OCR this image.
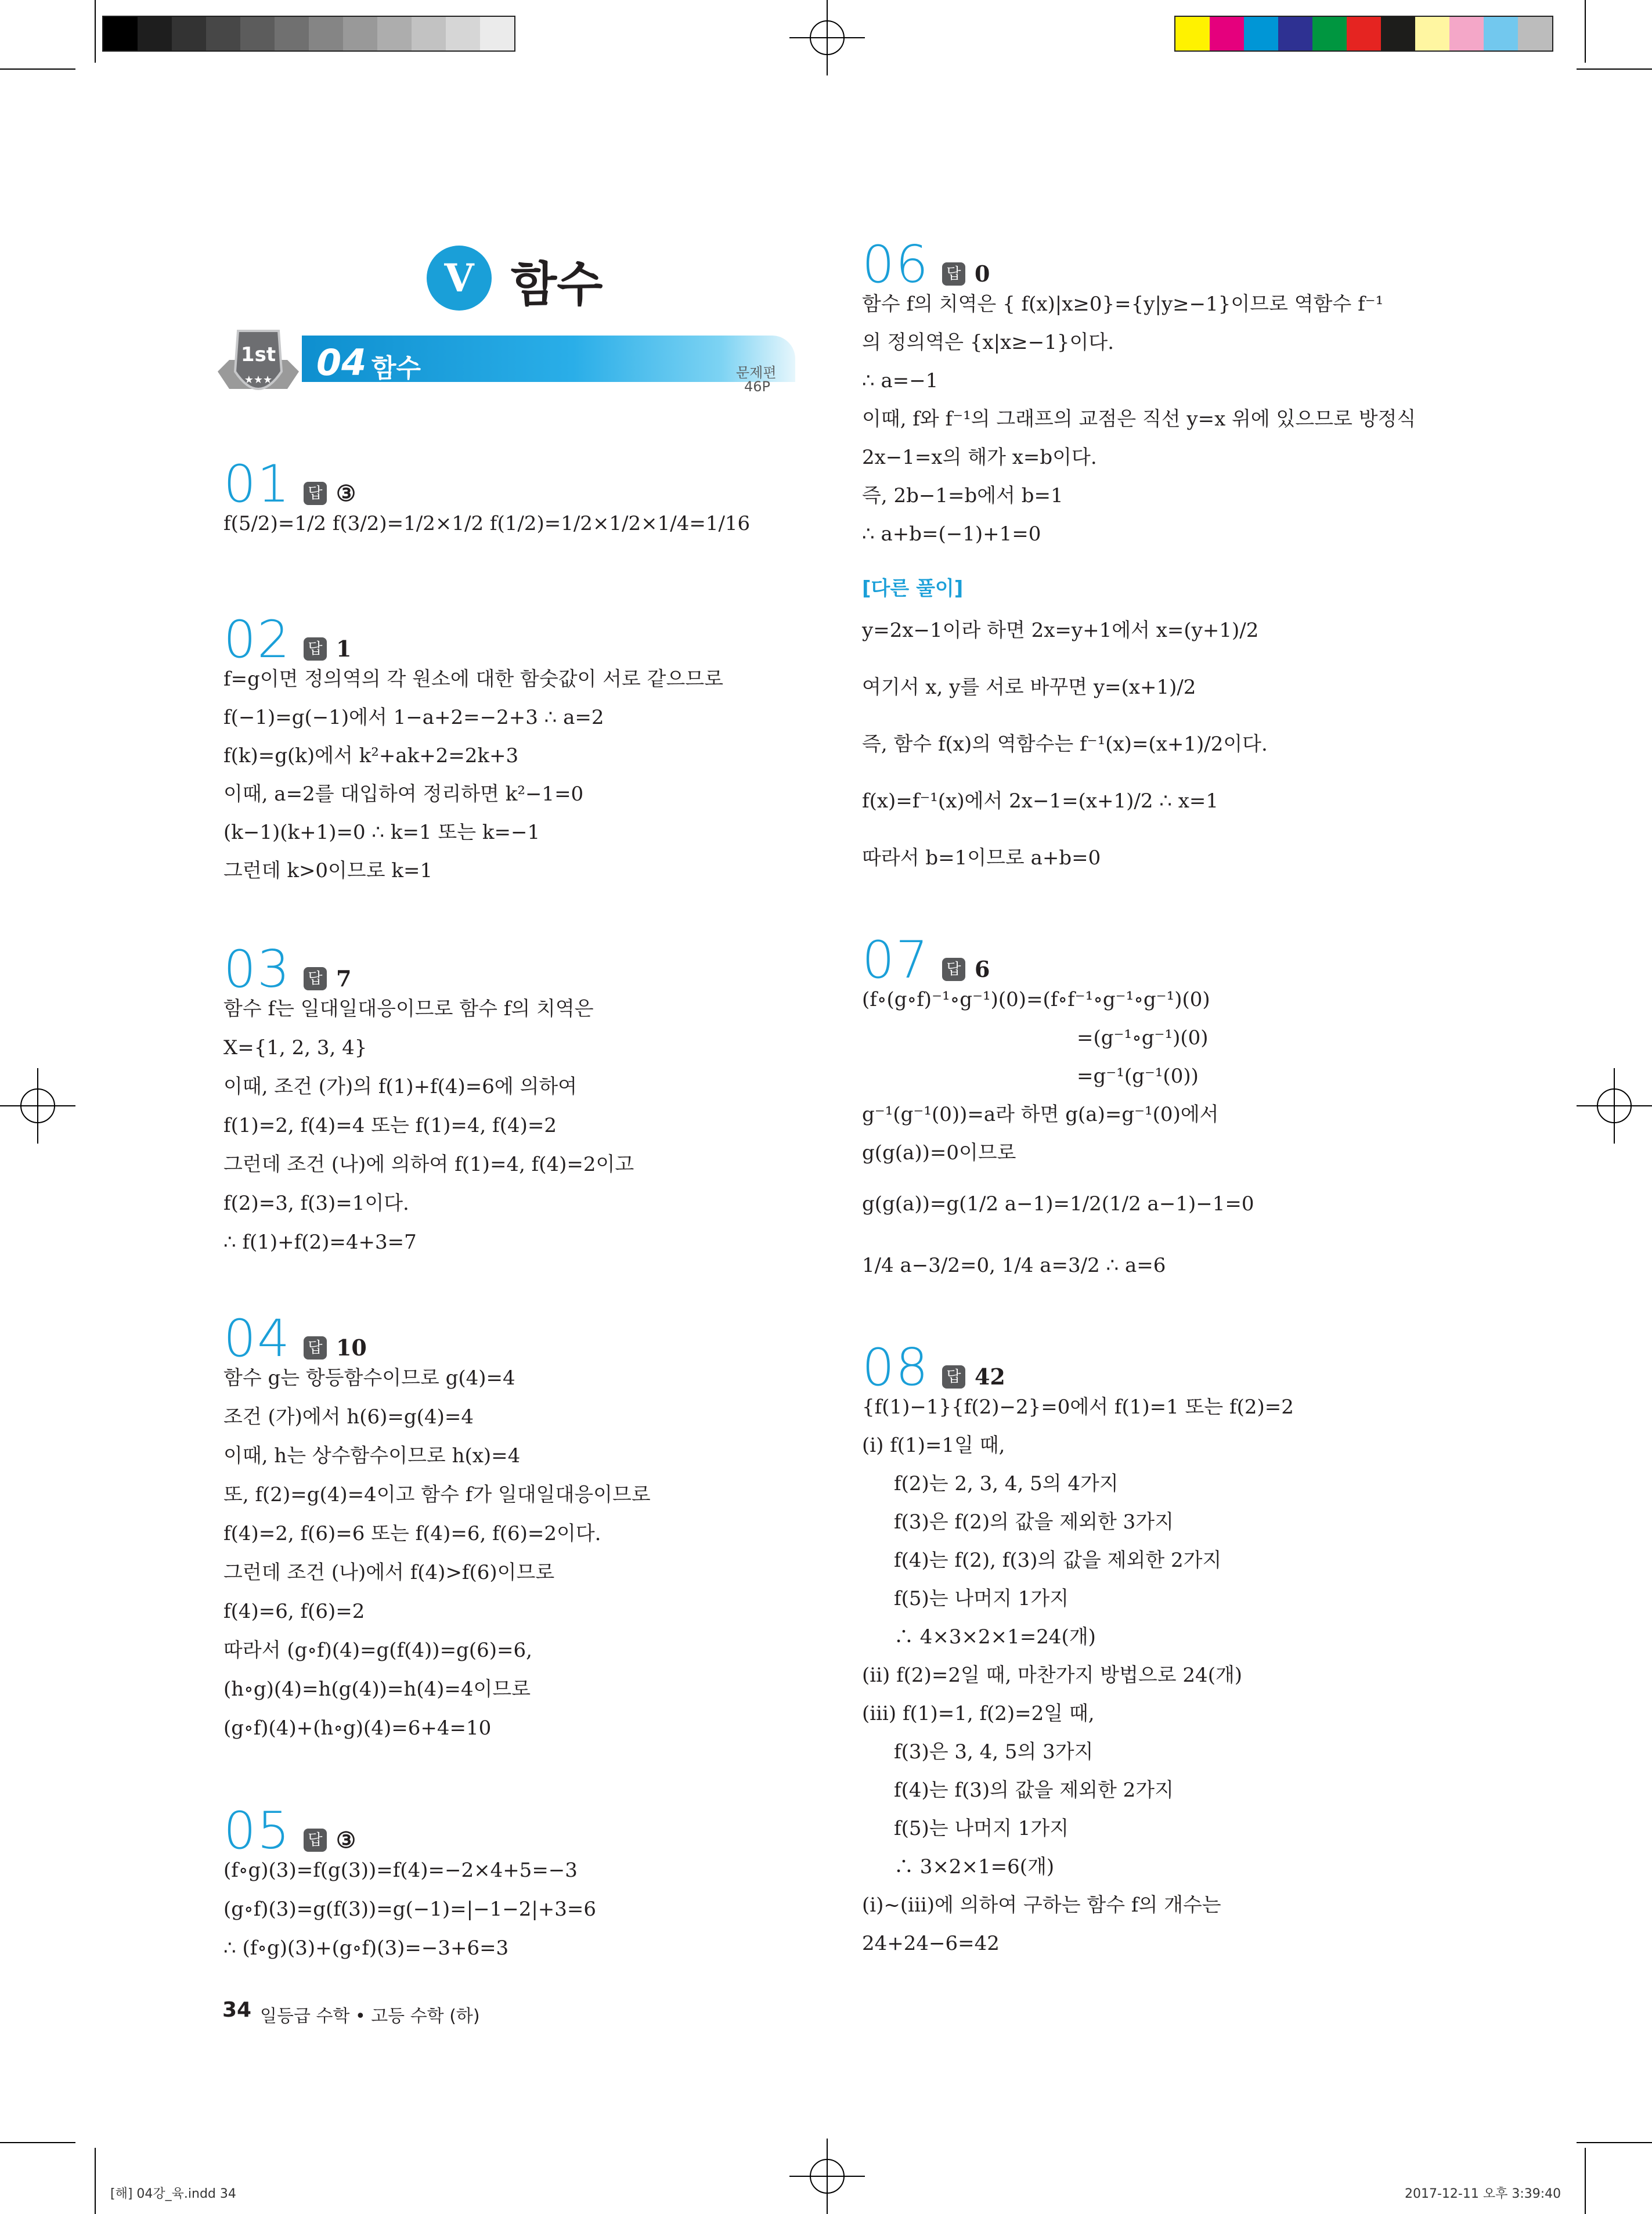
V 함수
1st
★★★ 04 함수	문제편
46P
01 답 ③
f(5/2)=1/2 f(3/2)=1/2×1/2 f(1/2)=1/2×1/2×1/4=1/16
02 답 1
f=g이면 정의역의 각 원소에 대한 함숫값이 서로 같으므로
f(−1)=g(−1)에서 1−a+2=−2+3 ∴ a=2
f(k)=g(k)에서 k²+ak+2=2k+3
이때, a=2를 대입하여 정리하면 k²−1=0
(k−1)(k+1)=0 ∴ k=1 또는 k=−1
그런데 k>0이므로 k=1
03 답 7
함수 f는 일대일대응이므로 함수 f의 치역은
X={1, 2, 3, 4}
이때, 조건 (가)의 f(1)+f(4)=6에 의하여
f(1)=2, f(4)=4 또는 f(1)=4, f(4)=2
그런데 조건 (나)에 의하여 f(1)=4, f(4)=2이고
f(2)=3, f(3)=1이다.
∴ f(1)+f(2)=4+3=7
04 답 10
함수 g는 항등함수이므로 g(4)=4
조건 (가)에서 h(6)=g(4)=4
이때, h는 상수함수이므로 h(x)=4
또, f(2)=g(4)=4이고 함수 f가 일대일대응이므로
f(4)=2, f(6)=6 또는 f(4)=6, f(6)=2이다.
그런데 조건 (나)에서 f(4)>f(6)이므로
f(4)=6, f(6)=2
따라서 (g∘f)(4)=g(f(4))=g(6)=6,
(h∘g)(4)=h(g(4))=h(4)=4이므로
(g∘f)(4)+(h∘g)(4)=6+4=10
05 답 ③
(f∘g)(3)=f(g(3))=f(4)=−2×4+5=−3
(g∘f)(3)=g(f(3))=g(−1)=|−1−2|+3=6
∴ (f∘g)(3)+(g∘f)(3)=−3+6=3
06 답 0
함수 f의 치역은 { f(x)|x≥0}={y|y≥−1}이므로 역함수 f⁻¹
의 정의역은 {x|x≥−1}이다.
∴ a=−1
이때, f와 f⁻¹의 그래프의 교점은 직선 y=x 위에 있으므로 방정식
2x−1=x의 해가 x=b이다.
즉, 2b−1=b에서 b=1
∴ a+b=(−1)+1=0
[다른 풀이]
y=2x−1이라 하면 2x=y+1에서 x=(y+1)/2
여기서 x, y를 서로 바꾸면 y=(x+1)/2
즉, 함수 f(x)의 역함수는 f⁻¹(x)=(x+1)/2이다.
f(x)=f⁻¹(x)에서 2x−1=(x+1)/2 ∴ x=1
따라서 b=1이므로 a+b=0
07 답 6
(f∘(g∘f)⁻¹∘g⁻¹)(0)=(f∘f⁻¹∘g⁻¹∘g⁻¹)(0)
=(g⁻¹∘g⁻¹)(0)
=g⁻¹(g⁻¹(0))
g⁻¹(g⁻¹(0))=a라 하면 g(a)=g⁻¹(0)에서
g(g(a))=0이므로
g(g(a))=g(1/2 a−1)=1/2(1/2 a−1)−1=0
1/4 a−3/2=0, 1/4 a=3/2 ∴ a=6
08 답 42
{f(1)−1}{f(2)−2}=0에서 f(1)=1 또는 f(2)=2
(ⅰ) f(1)=1일 때,
f(2)는 2, 3, 4, 5의 4가지
f(3)은 f(2)의 값을 제외한 3가지
f(4)는 f(2), f(3)의 값을 제외한 2가지
f(5)는 나머지 1가지
∴ 4×3×2×1=24(개)
(ⅱ) f(2)=2일 때, 마찬가지 방법으로 24(개)
(ⅲ) f(1)=1, f(2)=2일 때,
f(3)은 3, 4, 5의 3가지
f(4)는 f(3)의 값을 제외한 2가지
f(5)는 나머지 1가지
∴ 3×2×1=6(개)
(ⅰ)~(ⅲ)에 의하여 구하는 함수 f의 개수는
24+24−6=42
34 일등급 수학 • 고등 수학 (하)
[해] 04강_육.indd 34	2017-12-11 오후 3:39:40
